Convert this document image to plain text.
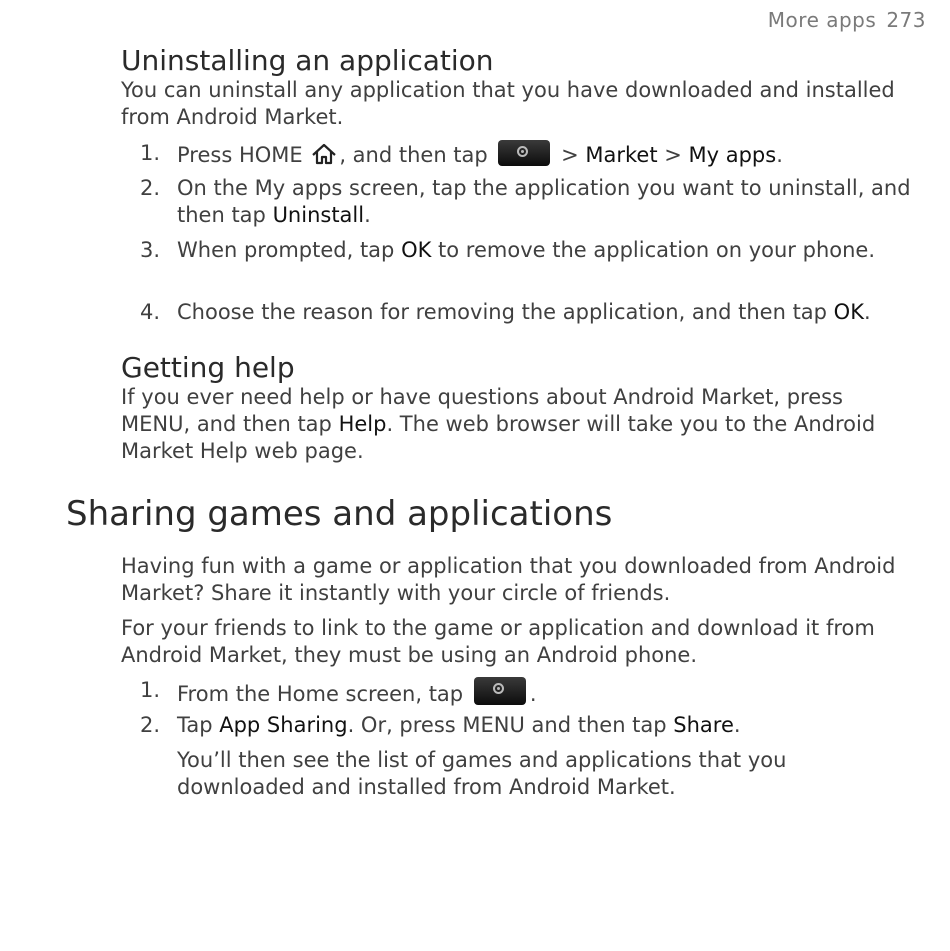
More apps 273
Uninstalling an application

You can uninstall any application that you have downloaded and installed from Android Market.

1. Press HOME , and then tap	> Market > My apps.
2. On the My apps screen, tap the application you want to uninstall, and then tap Uninstall.
3. When prompted, tap OK to remove the application on your phone.
4. Choose the reason for removing the application, and then tap OK.
Getting help

If you ever need help or have questions about Android Market, press MENU, and then tap Help. The web browser will take you to the Android Market Help web page.

Sharing games and applications

Having fun with a game or application that you downloaded from Android Market? Share it instantly with your circle of friends.

For your friends to link to the game or application and download it from Android Market, they must be using an Android phone.

1. From the Home screen, tap	.
2. Tap App Sharing. Or, press MENU and then tap Share.

You’ll then see the list of games and applications that you downloaded and installed from Android Market.
